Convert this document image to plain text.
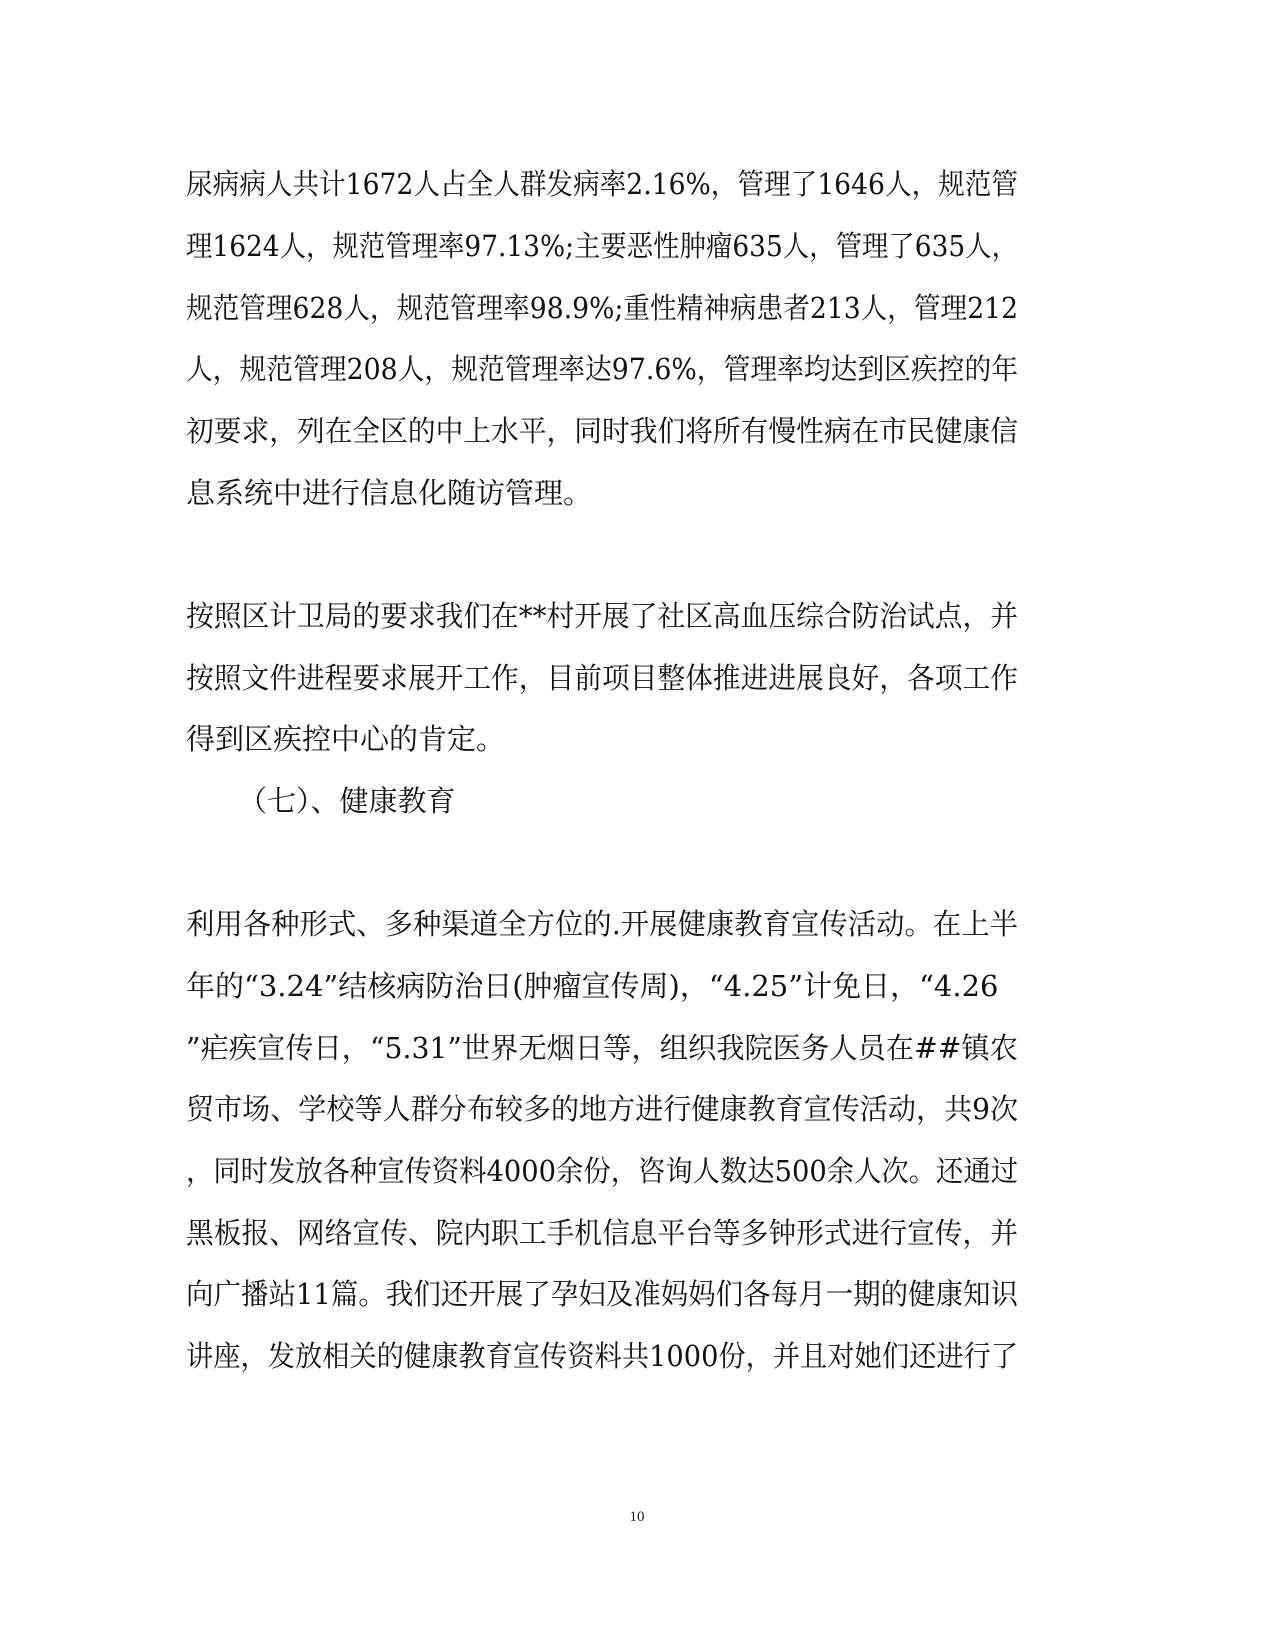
尿病病人共计1672人占全人群发病率2.16%，管理了1646人，规范管

理1624人，规范管理率97.13%;主要恶性肿瘤635人，管理了635人，

规范管理628人，规范管理率98.9%;重性精神病患者213人，管理212

人，规范管理208人，规范管理率达97.6%，管理率均达到区疾控的年

初要求，列在全区的中上水平，同时我们将所有慢性病在市民健康信

息系统中进行信息化随访管理。

按照区计卫局的要求我们在**村开展了社区高血压综合防治试点，并

按照文件进程要求展开工作，目前项目整体推进进展良好，各项工作

得到区疾控中心的肯定。

（七）、健康教育

利用各种形式、多种渠道全方位的.开展健康教育宣传活动。在上半

年的“3.24”结核病防治日(肿瘤宣传周)，“4.25”计免日，“4.26

”疟疾宣传日，“5.31”世界无烟日等，组织我院医务人员在##镇农

贸市场、学校等人群分布较多的地方进行健康教育宣传活动，共9次

，同时发放各种宣传资料4000余份，咨询人数达500余人次。还通过

黑板报、网络宣传、院内职工手机信息平台等多钟形式进行宣传，并

向广播站11篇。我们还开展了孕妇及准妈妈们各每月一期的健康知识

讲座，发放相关的健康教育宣传资料共1000份，并且对她们还进行了

10
